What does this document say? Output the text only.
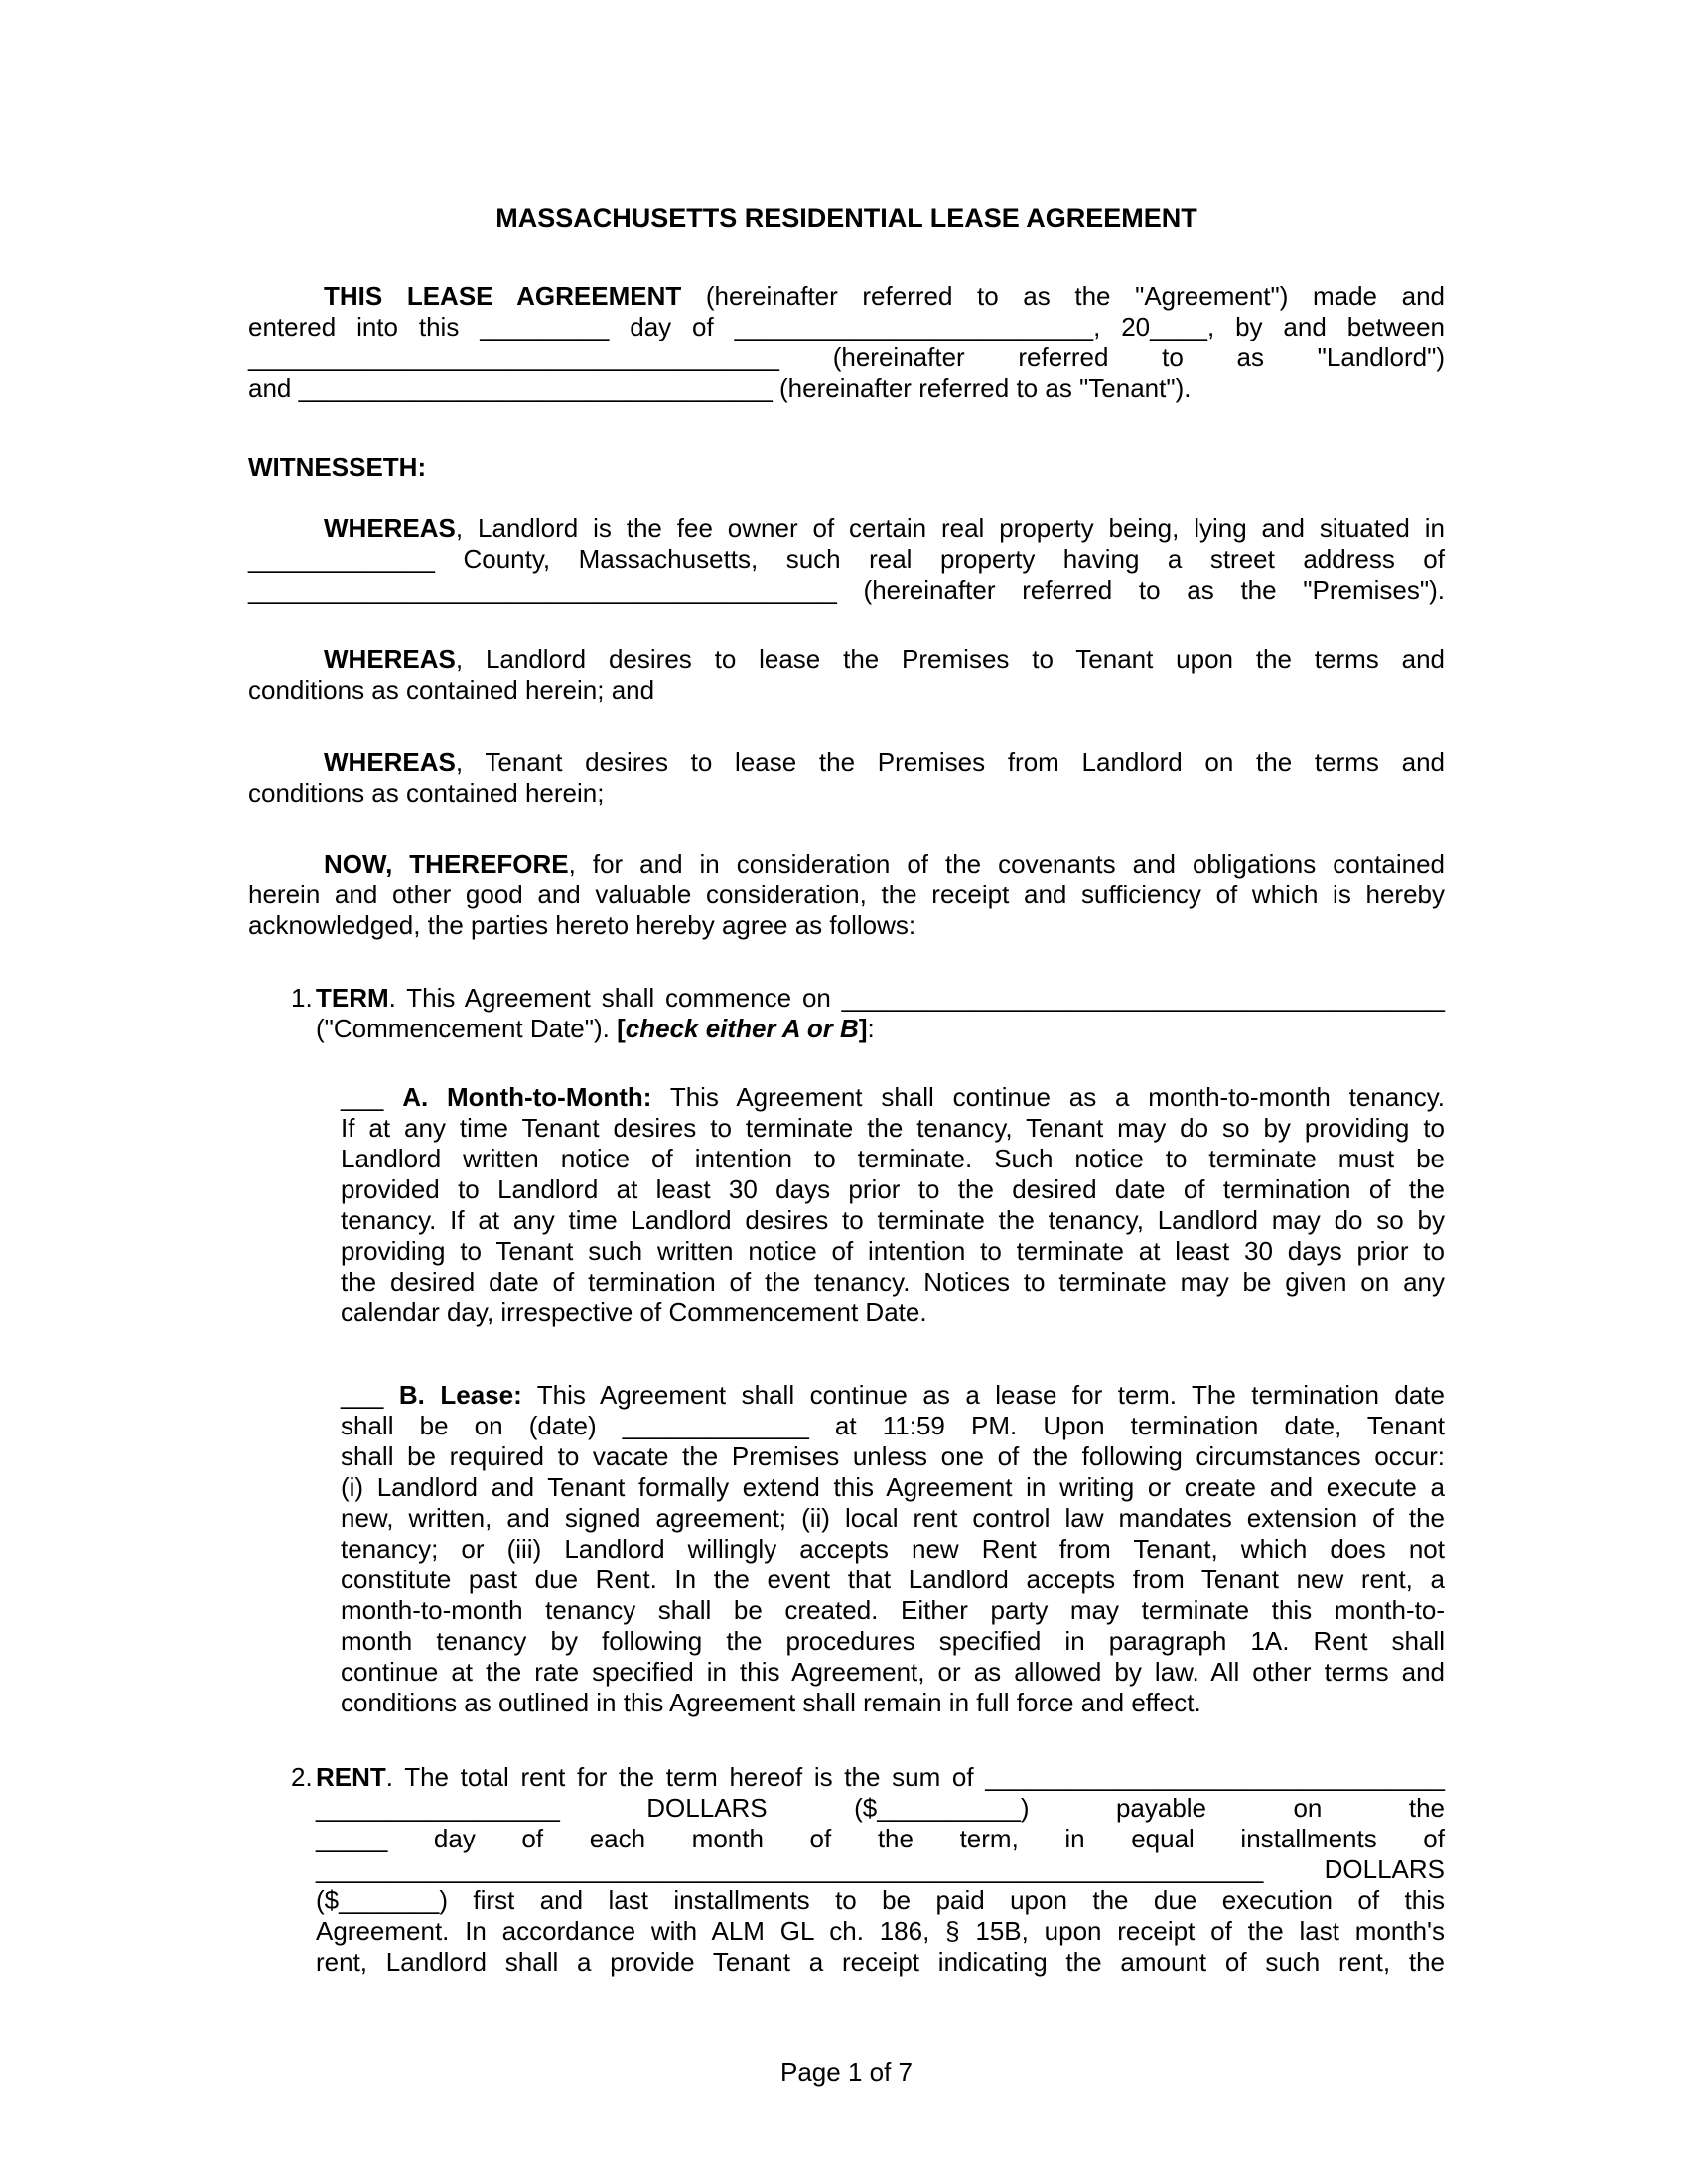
MASSACHUSETTS RESIDENTIAL LEASE AGREEMENT
THIS LEASE AGREEMENT (hereinafter referred to as the "Agreement") made and
entered into this _________ day of _________________________, 20____, by and between
_____________________________________ (hereinafter referred to as "Landlord")
and _________________________________ (hereinafter referred to as "Tenant").
WITNESSETH:
WHEREAS, Landlord is the fee owner of certain real property being, lying and situated in
_____________ County, Massachusetts, such real property having a street address of
_________________________________________ (hereinafter referred to as the "Premises").
WHEREAS, Landlord desires to lease the Premises to Tenant upon the terms and
conditions as contained herein; and
WHEREAS, Tenant desires to lease the Premises from Landlord on the terms and
conditions as contained herein;
NOW, THEREFORE, for and in consideration of the covenants and obligations contained
herein and other good and valuable consideration, the receipt and sufficiency of which is hereby
acknowledged, the parties hereto hereby agree as follows:
1. TERM. This Agreement shall commence on __________________________________________
("Commencement Date"). [check either A or B]:
___ A. Month-to-Month: This Agreement shall continue as a month-to-month tenancy.
If at any time Tenant desires to terminate the tenancy, Tenant may do so by providing to
Landlord written notice of intention to terminate. Such notice to terminate must be
provided to Landlord at least 30 days prior to the desired date of termination of the
tenancy. If at any time Landlord desires to terminate the tenancy, Landlord may do so by
providing to Tenant such written notice of intention to terminate at least 30 days prior to
the desired date of termination of the tenancy. Notices to terminate may be given on any
calendar day, irrespective of Commencement Date.
___ B. Lease: This Agreement shall continue as a lease for term. The termination date
shall be on (date) _____________ at 11:59 PM. Upon termination date, Tenant
shall be required to vacate the Premises unless one of the following circumstances occur:
(i) Landlord and Tenant formally extend this Agreement in writing or create and execute a
new, written, and signed agreement; (ii) local rent control law mandates extension of the
tenancy; or (iii) Landlord willingly accepts new Rent from Tenant, which does not
constitute past due Rent. In the event that Landlord accepts from Tenant new rent, a
month-to-month tenancy shall be created. Either party may terminate this month-to-
month tenancy by following the procedures specified in paragraph 1A. Rent shall
continue at the rate specified in this Agreement, or as allowed by law. All other terms and
conditions as outlined in this Agreement shall remain in full force and effect.
2. RENT. The total rent for the term hereof is the sum of ________________________________
_________________ DOLLARS ($__________) payable on the
_____ day of each month of the term, in equal installments of
__________________________________________________________________ DOLLARS
($_______) first and last installments to be paid upon the due execution of this
Agreement. In accordance with ALM GL ch. 186, § 15B, upon receipt of the last month's
rent, Landlord shall a provide Tenant a receipt indicating the amount of such rent, the
Page 1 of 7
